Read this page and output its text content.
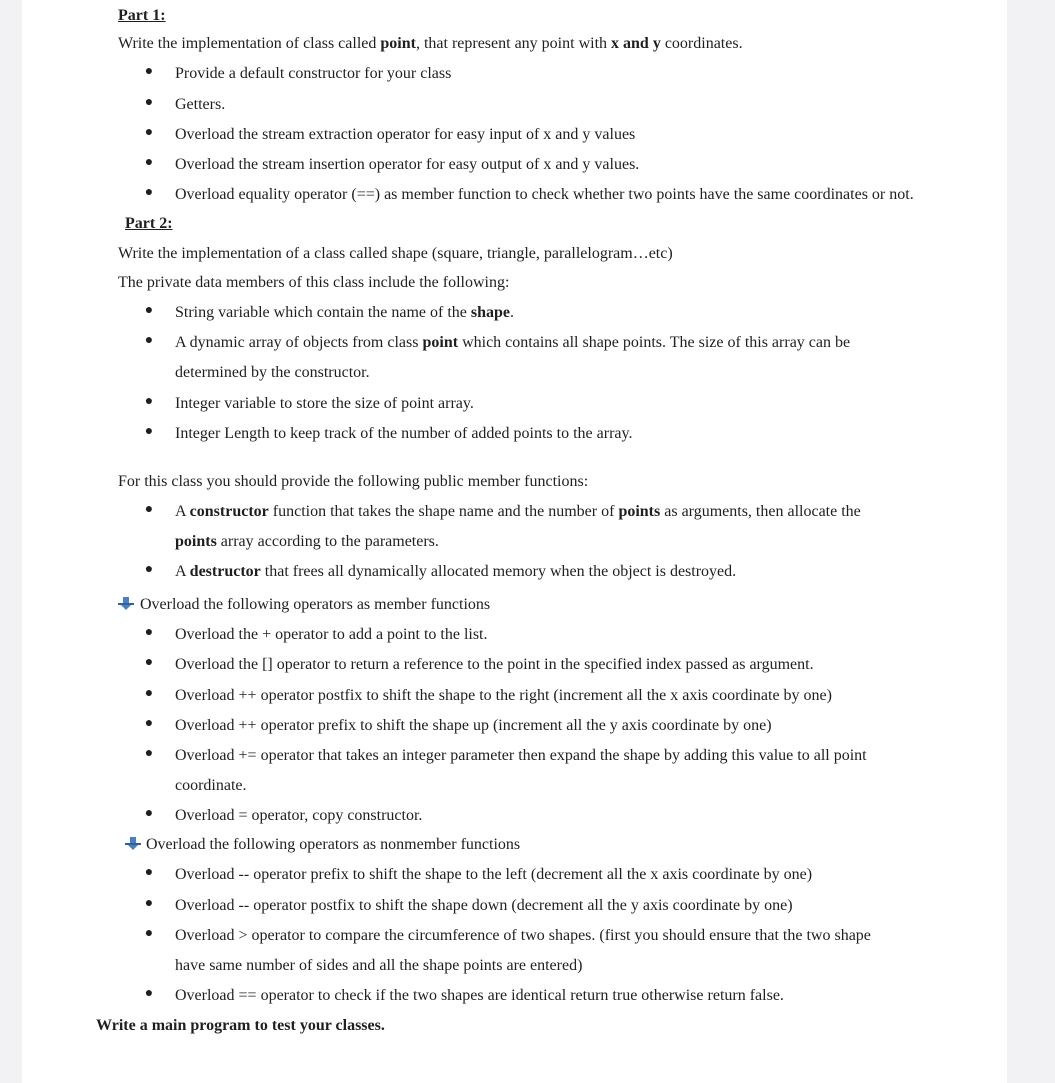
Part 1:
Write the implementation of class called point, that represent any point with x and y coordinates.
● Provide a default constructor for your class
● Getters.
● Overload the stream extraction operator for easy input of x and y values
● Overload the stream insertion operator for easy output of x and y values.
● Overload equality operator (==) as member function to check whether two points have the same coordinates or not.
Part 2:
Write the implementation of a class called shape (square, triangle, parallelogram…etc)
The private data members of this class include the following:
● String variable which contain the name of the shape.
● A dynamic array of objects from class point which contains all shape points. The size of this array can be
determined by the constructor.
● Integer variable to store the size of point array.
● Integer Length to keep track of the number of added points to the array.
For this class you should provide the following public member functions:
● A constructor function that takes the shape name and the number of points as arguments, then allocate the
points array according to the parameters.
● A destructor that frees all dynamically allocated memory when the object is destroyed.
Overload the following operators as member functions
● Overload the + operator to add a point to the list.
● Overload the [] operator to return a reference to the point in the specified index passed as argument.
● Overload ++ operator postfix to shift the shape to the right (increment all the x axis coordinate by one)
● Overload ++ operator prefix to shift the shape up (increment all the y axis coordinate by one)
● Overload += operator that takes an integer parameter then expand the shape by adding this value to all point
coordinate.
● Overload = operator, copy constructor.
Overload the following operators as nonmember functions
● Overload -- operator prefix to shift the shape to the left (decrement all the x axis coordinate by one)
● Overload -- operator postfix to shift the shape down (decrement all the y axis coordinate by one)
● Overload > operator to compare the circumference of two shapes. (first you should ensure that the two shape
have same number of sides and all the shape points are entered)
● Overload == operator to check if the two shapes are identical return true otherwise return false.
Write a main program to test your classes.
